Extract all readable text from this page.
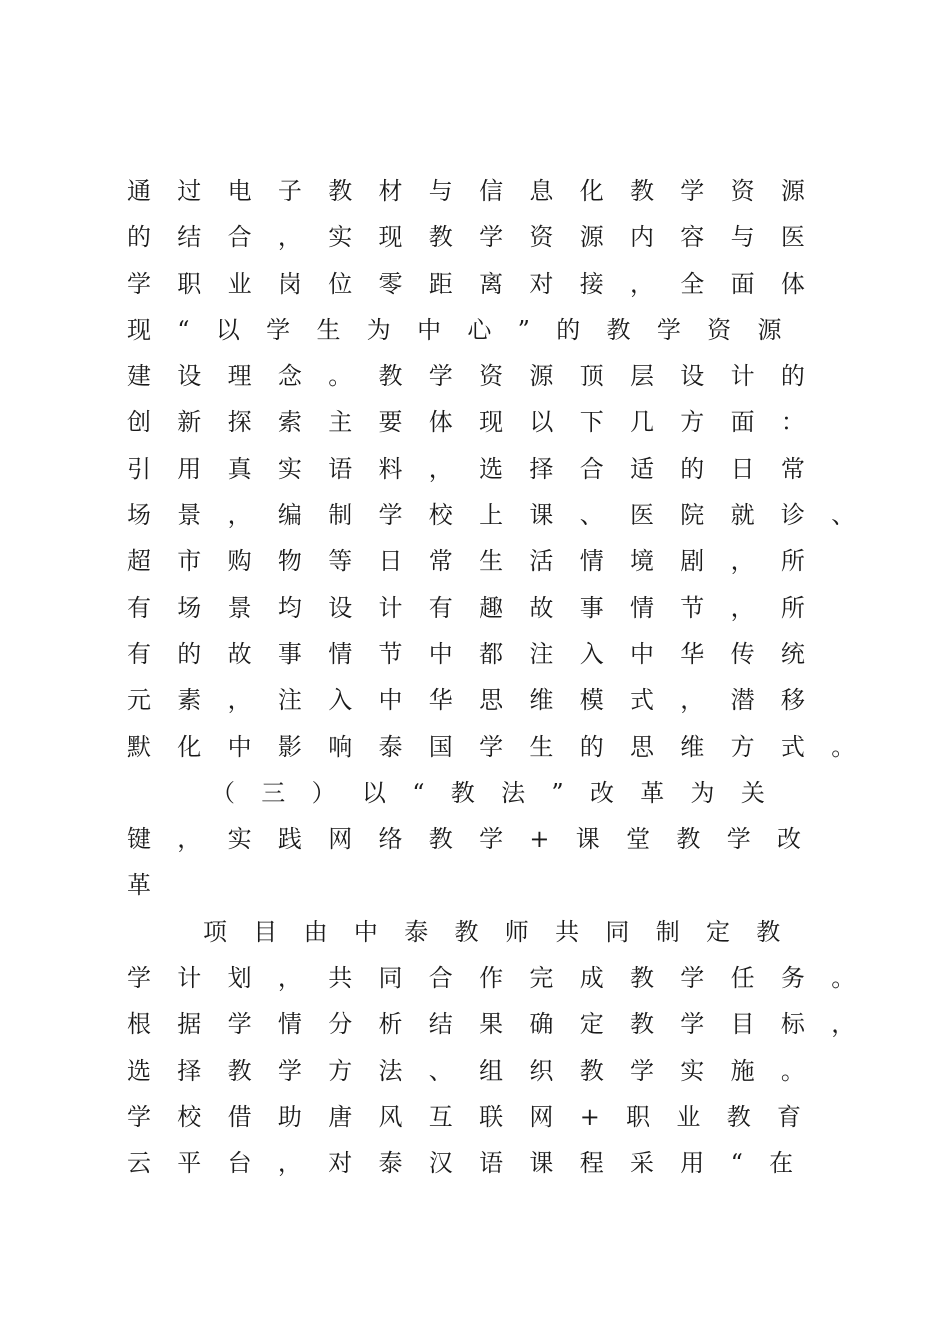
通过电子教材与信息化教学资源
的结合，实现教学资源内容与医
学职业岗位零距离对接，全面体
现“以学生为中心”的教学资源
建设理念。教学资源顶层设计的
创新探索主要体现以下几方面：
引用真实语料，选择合适的日常
场景，编制学校上课、医院就诊、
超市购物等日常生活情境剧，所
有场景均设计有趣故事情节，所
有的故事情节中都注入中华传统
元素，注入中华思维模式，潜移
默化中影响泰国学生的思维方式。
（三）以“教法”改革为关
键，实践网络教学+课堂教学改
革
项目由中泰教师共同制定教
学计划，共同合作完成教学任务。
根据学情分析结果确定教学目标，
选择教学方法、组织教学实施。
学校借助唐风互联网+职业教育
云平台，对泰汉语课程采用“在
